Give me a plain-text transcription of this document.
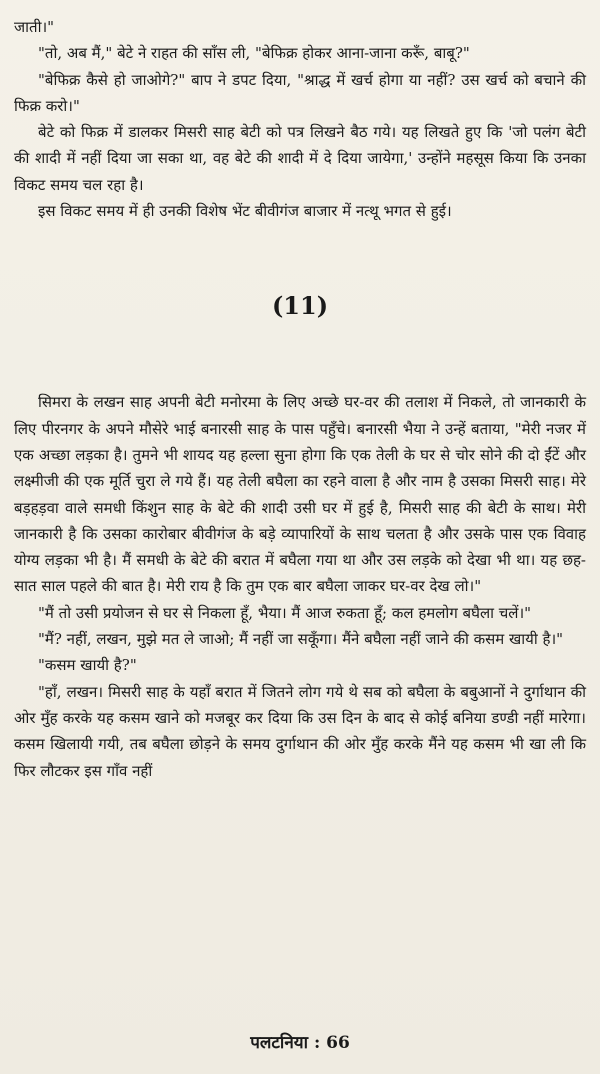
जाती।"

"तो, अब मैं," बेटे ने राहत की साँस ली, "बेफिक्र होकर आना-जाना करूँ, बाबू?"

"बेफिक्र कैसे हो जाओगे?" बाप ने डपट दिया, "श्राद्ध में खर्च होगा या नहीं? उस खर्च को बचाने की फिक्र करो।"

बेटे को फिक्र में डालकर मिसरी साह बेटी को पत्र लिखने बैठ गये। यह लिखते हुए कि 'जो पलंग बेटी की शादी में नहीं दिया जा सका था, वह बेटे की शादी में दे दिया जायेगा,' उन्होंने महसूस किया कि उनका विकट समय चल रहा है।

इस विकट समय में ही उनकी विशेष भेंट बीवीगंज बाजार में नत्थू भगत से हुई।

(11)

सिमरा के लखन साह अपनी बेटी मनोरमा के लिए अच्छे घर-वर की तलाश में निकले, तो जानकारी के लिए पीरनगर के अपने मौसेरे भाई बनारसी साह के पास पहुँचे। बनारसी भैया ने उन्हें बताया, "मेरी नजर में एक अच्छा लड़का है। तुमने भी शायद यह हल्ला सुना होगा कि एक तेली के घर से चोर सोने की दो ईंटें और लक्ष्मीजी की एक मूर्ति चुरा ले गये हैं। यह तेली बघैला का रहने वाला है और नाम है उसका मिसरी साह। मेरे बड़हड़वा वाले समधी किंशुन साह के बेटे की शादी उसी घर में हुई है, मिसरी साह की बेटी के साथ। मेरी जानकारी है कि उसका कारोबार बीवीगंज के बड़े व्यापारियों के साथ चलता है और उसके पास एक विवाह योग्य लड़का भी है। मैं समधी के बेटे की बरात में बघैला गया था और उस लड़के को देखा भी था। यह छह-सात साल पहले की बात है। मेरी राय है कि तुम एक बार बघैला जाकर घर-वर देख लो।"

"मैं तो उसी प्रयोजन से घर से निकला हूँ, भैया। मैं आज रुकता हूँ; कल हमलोग बघैला चलें।"

"मैं? नहीं, लखन, मुझे मत ले जाओ; मैं नहीं जा सकूँगा। मैंने बघैला नहीं जाने की कसम खायी है।"

"कसम खायी है?"

"हाँ, लखन। मिसरी साह के यहाँ बरात में जितने लोग गये थे सब को बघैला के बबुआनों ने दुर्गाथान की ओर मुँह करके यह कसम खाने को मजबूर कर दिया कि उस दिन के बाद से कोई बनिया डण्डी नहीं मारेगा। कसम खिलायी गयी, तब बघैला छोड़ने के समय दुर्गाथान की ओर मुँह करके मैंने यह कसम भी खा ली कि फिर लौटकर इस गाँव नहीं

पलटनिया : 66
